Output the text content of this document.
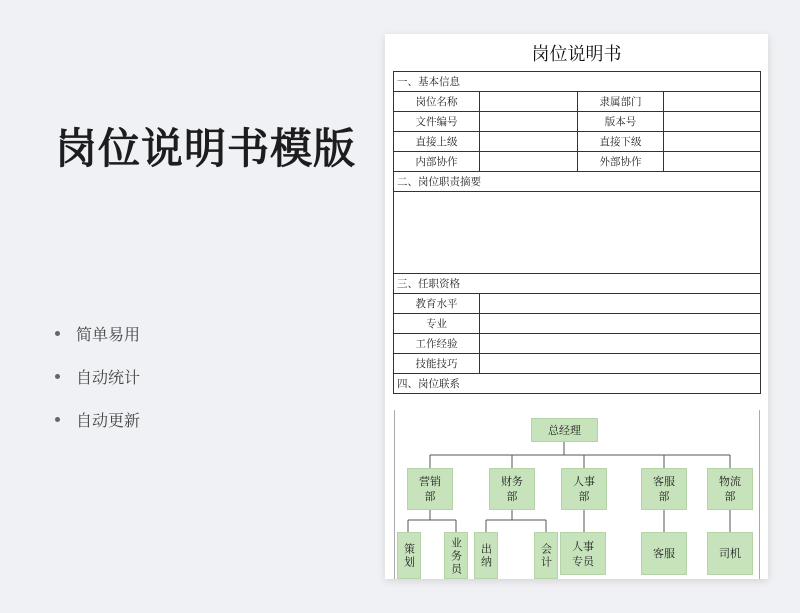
岗位说明书模版
简单易用
自动统计
自动更新
岗位说明书
一、基本信息			
岗位名称		隶属部门	
文件编号		版本号	
直接上级		直接下级	
内部协作		外部协作	
二、岗位职责摘要			

三、任职资格			
教育水平			
专业			
工作经验			
技能技巧			
四、岗位联系			
总经理
营销
部
财务
部
人事
部
客服
部
物流
部
策划	业务员 出纳	会计	人事
专员
客服	司机
